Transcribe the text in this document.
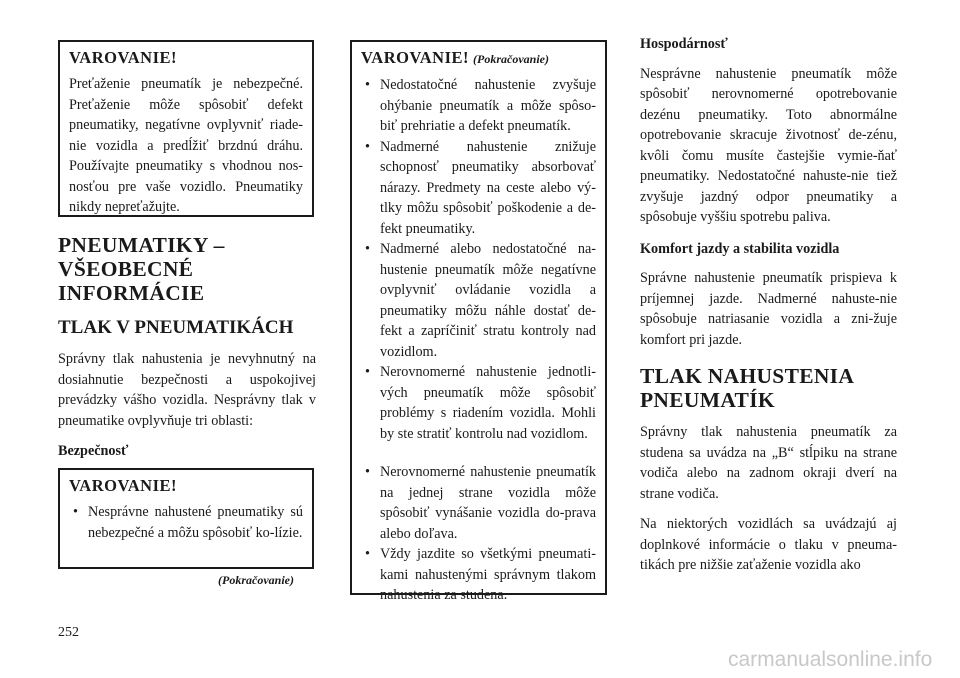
VAROVANIE!

Preťaženie pneumatík je nebezpečné. Preťaženie môže spôsobiť defekt pneumatiky, negatívne ovplyvniť riade-nie vozidla a predĺžiť brzdnú dráhu. Používajte pneumatiky s vhodnou nos-nosťou pre vaše vozidlo. Pneumatiky nikdy nepreťažujte.

PNEUMATIKY – VŠEOBECNÉ INFORMÁCIE
TLAK V PNEUMATIKÁCH

Správny tlak nahustenia je nevyhnutný na dosiahnutie bezpečnosti a uspokojivej prevádzky vášho vozidla. Nesprávny tlak v pneumatike ovplyvňuje tri oblasti:

Bezpečnosť

VAROVANIE!
• Nesprávne nahustené pneumatiky sú nebezpečné a môžu spôsobiť ko-lízie.
(Pokračovanie)
VAROVANIE! (Pokračovanie)
• Nedostatočné nahustenie zvyšuje ohýbanie pneumatík a môže spôso-biť prehriatie a defekt pneumatík.
• Nadmerné nahustenie znižuje schopnosť pneumatiky absorbovať nárazy. Predmety na ceste alebo vý-tlky môžu spôsobiť poškodenie a de-fekt pneumatiky.
• Nadmerné alebo nedostatočné na-hustenie pneumatík môže negatívne ovplyvniť ovládanie vozidla a pneumatiky môžu náhle dostať de-fekt a zapríčiniť stratu kontroly nad vozidlom.
• Nerovnomerné nahustenie jednotli-vých pneumatík môže spôsobiť problémy s riadením vozidla. Mohli by ste stratiť kontrolu nad vozidlom.
• Nerovnomerné nahustenie pneumatík na jednej strane vozidla môže spôsobiť vynášanie vozidla do-prava alebo doľava.
• Vždy jazdite so všetkými pneumati-kami nahustenými správnym tlakom nahustenia za studena.

Hospodárnosť

Nesprávne nahustenie pneumatík môže spôsobiť nerovnomerné opotrebovanie dezénu pneumatiky. Toto abnormálne opotrebovanie skracuje životnosť de-zénu, kvôli čomu musíte častejšie vymie-ňať pneumatiky. Nedostatočné nahuste-nie tiež zvyšuje jazdný odpor pneumatiky a spôsobuje vyššiu spotrebu paliva.

Komfort jazdy a stabilita vozidla

Správne nahustenie pneumatík prispieva k príjemnej jazde. Nadmerné nahuste-nie spôsobuje natriasanie vozidla a zni-žuje komfort pri jazde.

TLAK NAHUSTENIA PNEUMATÍK

Správny tlak nahustenia pneumatík za studena sa uvádza na „B“ stĺpiku na strane vodiča alebo na zadnom okraji dverí na strane vodiča.

Na niektorých vozidlách sa uvádzajú aj doplnkové informácie o tlaku v pneuma-tikách pre nižšie zaťaženie vozidla ako

252
carmanualsonline.info
